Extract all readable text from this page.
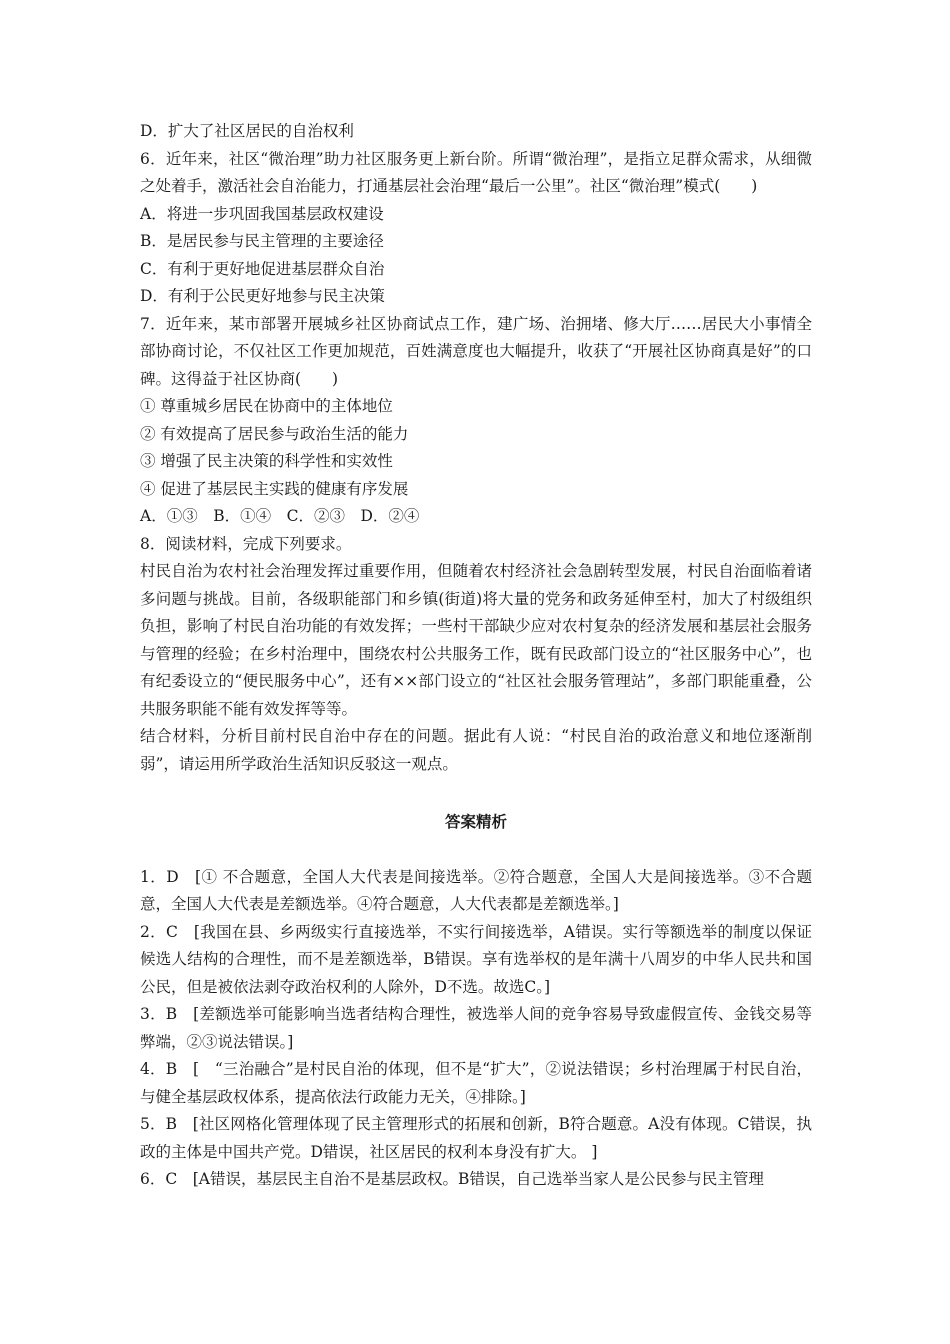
D．扩大了社区居民的自治权利
6．近年来，社区“微治理”助力社区服务更上新台阶。所谓“微治理”，是指立足群众需求，从细微之处着手，激活社会自治能力，打通基层社会治理“最后一公里”。社区“微治理”模式(　　)
A．将进一步巩固我国基层政权建设
B．是居民参与民主管理的主要途径
C．有利于更好地促进基层群众自治
D．有利于公民更好地参与民主决策
7．近年来，某市部署开展城乡社区协商试点工作，建广场、治拥堵、修大厅……居民大小事情全部协商讨论，不仅社区工作更加规范，百姓满意度也大幅提升，收获了“开展社区协商真是好”的口碑。这得益于社区协商(　　)
① 尊重城乡居民在协商中的主体地位
② 有效提高了居民参与政治生活的能力
③ 增强了民主决策的科学性和实效性
④ 促进了基层民主实践的健康有序发展
A．①③　B．①④　C．②③　D．②④
8．阅读材料，完成下列要求。
村民自治为农村社会治理发挥过重要作用，但随着农村经济社会急剧转型发展，村民自治面临着诸多问题与挑战。目前，各级职能部门和乡镇(街道)将大量的党务和政务延伸至村，加大了村级组织负担，影响了村民自治功能的有效发挥；一些村干部缺少应对农村复杂的经济发展和基层社会服务与管理的经验；在乡村治理中，围绕农村公共服务工作，既有民政部门设立的“社区服务中心”，也有纪委设立的“便民服务中心”，还有××部门设立的“社区社会服务管理站”，多部门职能重叠，公共服务职能不能有效发挥等等。
结合材料，分析目前村民自治中存在的问题。据此有人说：“村民自治的政治意义和地位逐渐削弱”，请运用所学政治生活知识反驳这一观点。
答案精析
1．D　[① 不合题意，全国人大代表是间接选举。②符合题意，全国人大是间接选举。③不合题意，全国人大代表是差额选举。④符合题意，人大代表都是差额选举。]
2．C　[我国在县、乡两级实行直接选举，不实行间接选举，A错误。实行等额选举的制度以保证候选人结构的合理性，而不是差额选举，B错误。享有选举权的是年满十八周岁的中华人民共和国公民，但是被依法剥夺政治权利的人除外，D不选。故选C。]
3．B　[差额选举可能影响当选者结构合理性，被选举人间的竞争容易导致虚假宣传、金钱交易等弊端，②③说法错误。]
4．B　[　“三治融合”是村民自治的体现，但不是“扩大”，②说法错误；乡村治理属于村民自治，与健全基层政权体系，提高依法行政能力无关，④排除。]
5．B　[社区网格化管理体现了民主管理形式的拓展和创新，B符合题意。A没有体现。C错误，执政的主体是中国共产党。D错误，社区居民的权利本身没有扩大。 ]
6．C　[A错误，基层民主自治不是基层政权。B错误，自己选举当家人是公民参与民主管理
